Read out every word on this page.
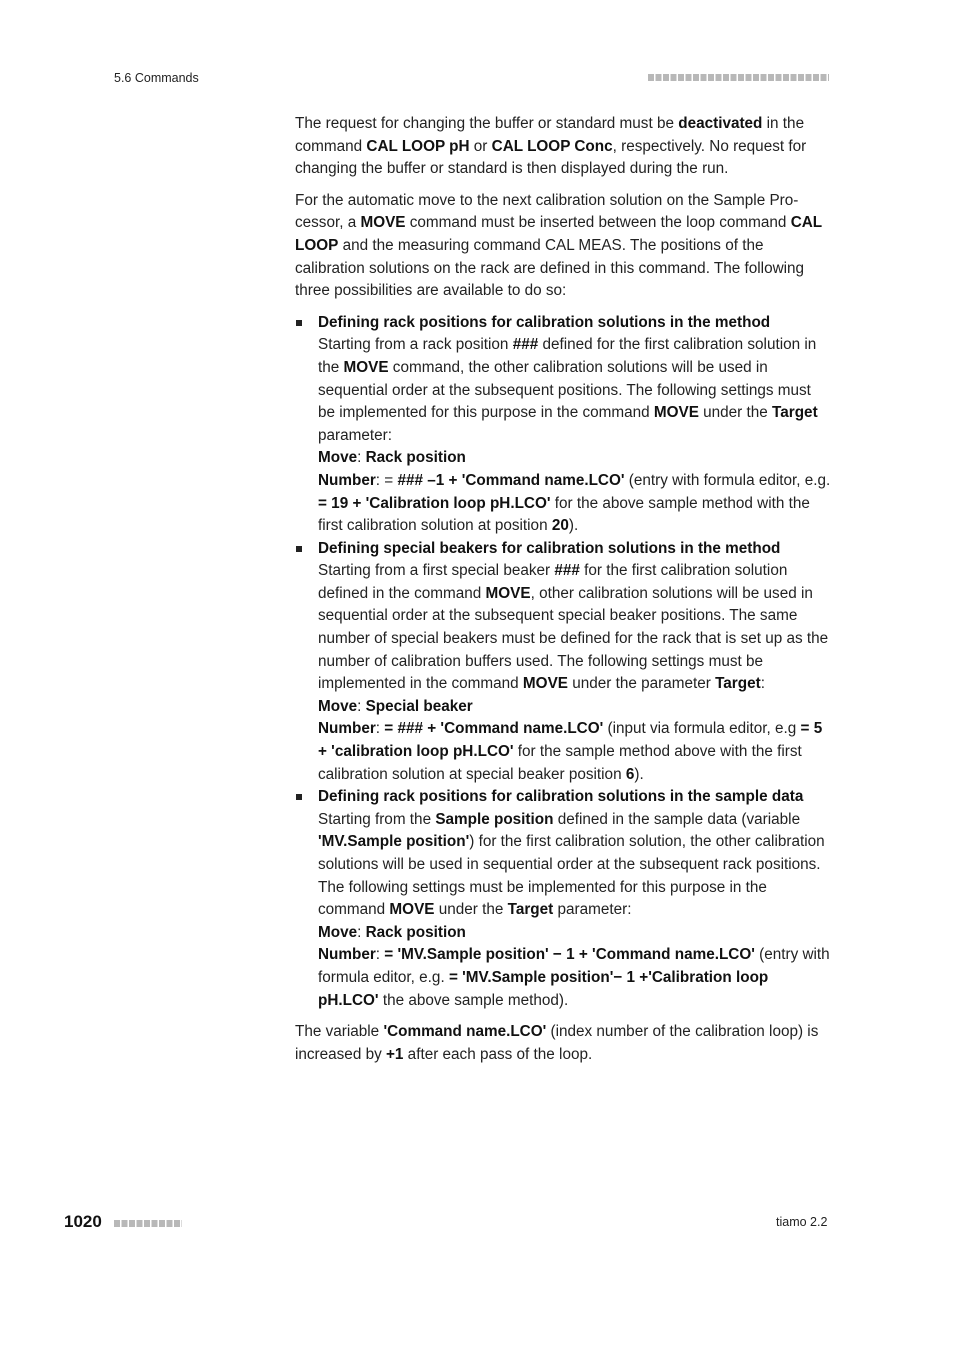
5.6 Commands

The request for changing the buffer or standard must be deactivated in the command CAL LOOP pH or CAL LOOP Conc, respectively. No request for changing the buffer or standard is then displayed during the run.

For the automatic move to the next calibration solution on the Sample Processor, a MOVE command must be inserted between the loop command CAL LOOP and the measuring command CAL MEAS. The positions of the calibration solutions on the rack are defined in this command. The following three possibilities are available to do so:

Defining rack positions for calibration solutions in the method
Starting from a rack position ### defined for the first calibration solution in the MOVE command, the other calibration solutions will be used in sequential order at the subsequent positions. The following settings must be implemented for this purpose in the command MOVE under the Target parameter:
Move: Rack position
Number: = ### –1 + 'Command name.LCO' (entry with formula editor, e.g. = 19 + 'Calibration loop pH.LCO' for the above sample method with the first calibration solution at position 20).
Defining special beakers for calibration solutions in the method
Starting from a first special beaker ### for the first calibration solution defined in the command MOVE, other calibration solutions will be used in sequential order at the subsequent special beaker positions. The same number of special beakers must be defined for the rack that is set up as the number of calibration buffers used. The following settings must be implemented in the command MOVE under the parameter Target:
Move: Special beaker
Number: = ### + 'Command name.LCO' (input via formula editor, e.g = 5 + 'calibration loop pH.LCO' for the sample method above with the first calibration solution at special beaker position 6).
Defining rack positions for calibration solutions in the sample data
Starting from the Sample position defined in the sample data (variable 'MV.Sample position') for the first calibration solution, the other calibration solutions will be used in sequential order at the subsequent rack positions. The following settings must be implemented for this purpose in the command MOVE under the Target parameter:
Move: Rack position
Number: = 'MV.Sample position' − 1 + 'Command name.LCO' (entry with formula editor, e.g. = 'MV.Sample position'− 1 +'Calibration loop pH.LCO' the above sample method).

The variable 'Command name.LCO' (index number of the calibration loop) is increased by +1 after each pass of the loop.

1020	tiamo 2.2
